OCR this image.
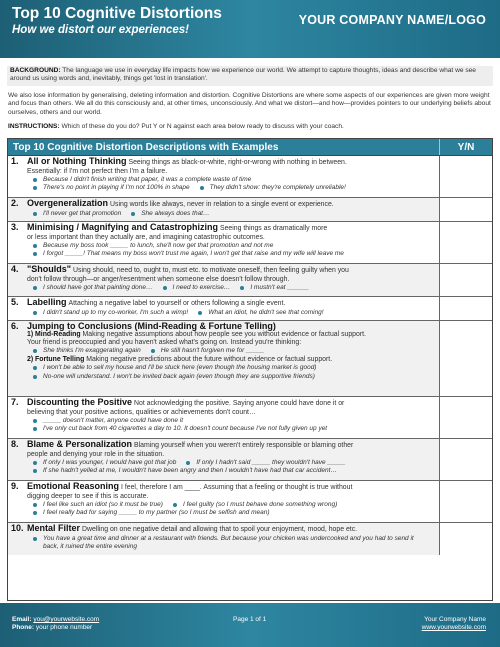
Top 10 Cognitive Distortions
How we distort our experiences!
YOUR COMPANY NAME/LOGO
BACKGROUND: The language we use in everyday life impacts how we experience our world. We attempt to capture thoughts, ideas and describe what we see around us using words and, inevitably, things get 'lost in translation'.

We also lose information by generalising, deleting information and distortion. Cognitive Distortions are where some aspects of our experiences are given more weight and focus than others. We all do this consciously and, at other times, unconsciously. And what we distort—and how—provides pointers to our underlying beliefs about ourselves, others and our world.

INSTRUCTIONS: Which of these do you do? Put Y or N against each area below ready to discuss with your coach.

Top 10 Cognitive Distortion Descriptions with Examples	Y/N
1. All or Nothing Thinking Seeing things as black-or-white, right-or-wrong with nothing in between.
Essentially: if I'm not perfect then I'm a failure.
Because I didn't finish writing that paper, it was a complete waste of time
There's no point in playing if I'm not 100% in shape	They didn't show: they're completely unreliable!
2. Overgeneralization Using words like always, never in relation to a single event or experience.
I'll never get that promotion	She always does that…
3. Minimising / Magnifying and Catastrophizing Seeing things as dramatically more
or less important than they actually are, and imagining catastrophic outcomes.
Because my boss took _____ to lunch, she'll now get that promotion and not me
I forgot _____! That means my boss won't trust me again, I won't get that raise and my wife will leave me
4. "Shoulds" Using should, need to, ought to, must etc. to motivate oneself, then feeling guilty when you
don't follow through—or anger/resentment when someone else doesn't follow through.
I should have got that painting done…	I need to exercise…	I mustn't eat ______
5. Labelling Attaching a negative label to yourself or others following a single event.
I didn't stand up to my co-worker, I'm such a wimp!	What an idiot, he didn't see that coming!
6. Jumping to Conclusions (Mind-Reading & Fortune Telling)
1) Mind-Reading Making negative assumptions about how people see you without evidence or factual support.
Your friend is preoccupied and you haven't asked what's going on. Instead you're thinking:
She thinks I'm exaggerating again	He still hasn't forgiven me for _____
2) Fortune Telling Making negative predictions about the future without evidence or factual support.
I won't be able to sell my house and I'll be stuck here (even though the housing market is good)
No-one will understand. I won't be invited back again (even though they are supportive friends)
7. Discounting the Positive Not acknowledging the positive. Saying anyone could have done it or
believing that your positive actions, qualities or achievements don't count…
_____ doesn't matter, anyone could have done it
I've only cut back from 40 cigarettes a day to 10. It doesn't count because I've not fully given up yet
8. Blame & Personalization Blaming yourself when you weren't entirely responsible or blaming other
people and denying your role in the situation.
If only I was younger, I would have got that job	If only I hadn't said _____ they wouldn't have _____
If she hadn't yelled at me, I wouldn't have been angry and then I wouldn't have had that car accident…
9. Emotional Reasoning I feel, therefore I am ____. Assuming that a feeling or thought is true without
digging deeper to see if this is accurate.
I feel like such an idiot (so it must be true)	I feel guilty (so I must behave done something wrong)
I feel really bad for saying _____ to my partner (so I must be selfish and mean)
10. Mental Filter Dwelling on one negative detail and allowing that to spoil your enjoyment, mood, hope etc.
You have a great time and dinner at a restaurant with friends. But because your chicken was undercooked and you had to send it back, it ruined the entire evening
Email: you@yourwebsite.com
Phone: your phone number
Page 1 of 1	Your Company Name
www.yourwebsite.com
